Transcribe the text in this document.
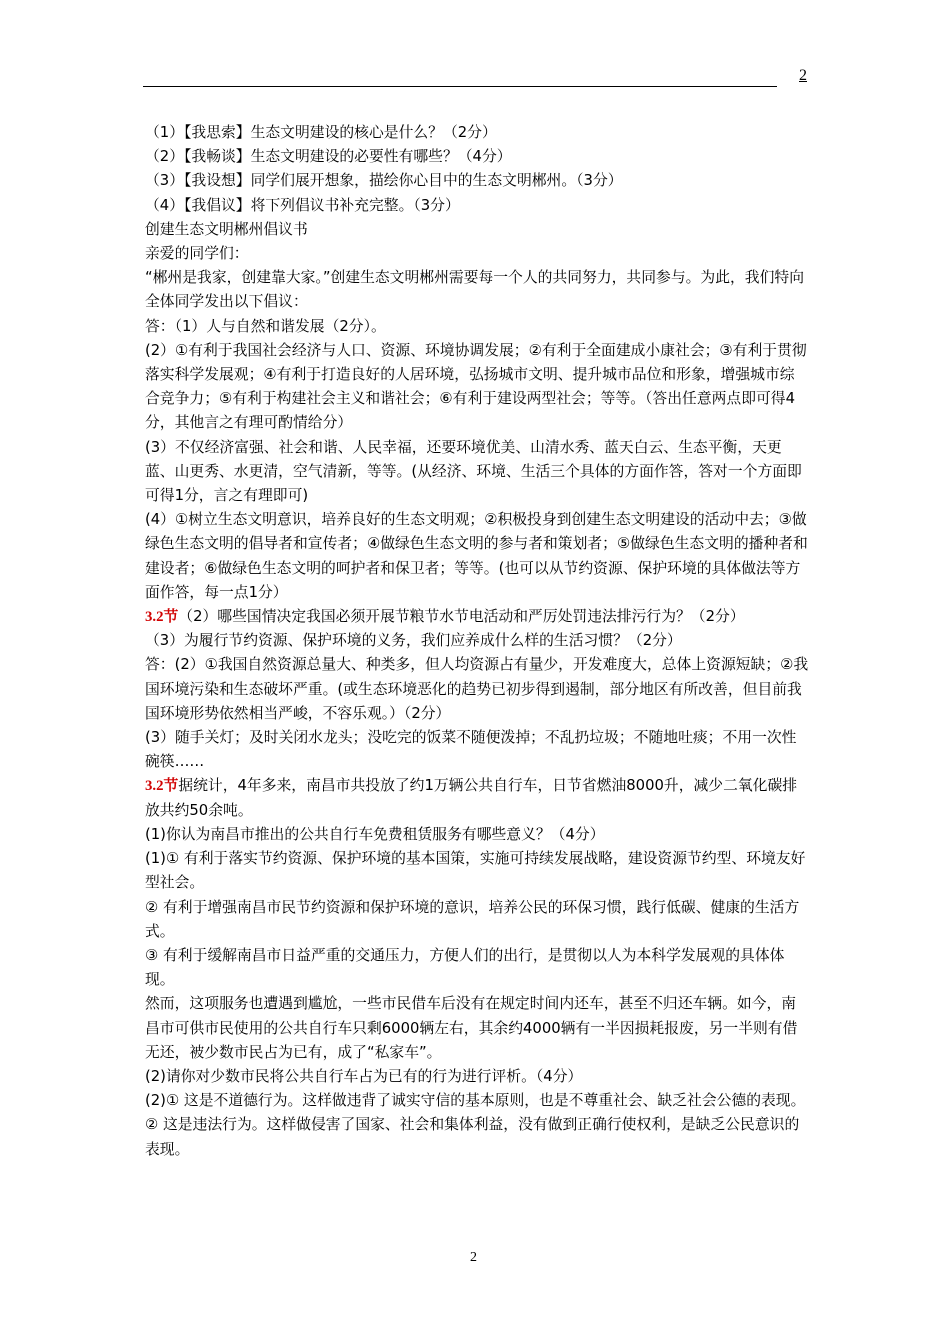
2

（1）【我思索】生态文明建设的核心是什么？（2分）

（2）【我畅谈】生态文明建设的必要性有哪些？（4分）

（3）【我设想】同学们展开想象，描绘你心目中的生态文明郴州。（3分）

（4）【我倡议】将下列倡议书补充完整。（3分）

创建生态文明郴州倡议书

亲爱的同学们：

“郴州是我家，创建靠大家。”创建生态文明郴州需要每一个人的共同努力，共同参与。为此，我们特向全体同学发出以下倡议：

答：（1）人与自然和谐发展（2分）。

(2）①有利于我国社会经济与人口、资源、环境协调发展；②有利于全面建成小康社会；③有利于贯彻落实科学发展观；④有利于打造良好的人居环境，弘扬城市文明、提升城市品位和形象，增强城市综合竞争力；⑤有利于构建社会主义和谐社会；⑥有利于建设两型社会；等等。（答出任意两点即可得4分，其他言之有理可酌情给分）

(3）不仅经济富强、社会和谐、人民幸福，还要环境优美、山清水秀、蓝天白云、生态平衡，天更蓝、山更秀、水更清，空气清新，等等。(从经济、环境、生活三个具体的方面作答，答对一个方面即可得1分，言之有理即可)

(4）①树立生态文明意识，培养良好的生态文明观；②积极投身到创建生态文明建设的活动中去；③做绿色生态文明的倡导者和宣传者；④做绿色生态文明的参与者和策划者；⑤做绿色生态文明的播种者和建设者；⑥做绿色生态文明的呵护者和保卫者；等等。(也可以从节约资源、保护环境的具体做法等方面作答，每一点1分）

3.2节（2）哪些国情决定我国必须开展节粮节水节电活动和严厉处罚违法排污行为？（2分）

（3）为履行节约资源、保护环境的义务，我们应养成什么样的生活习惯？（2分）

答：(2）①我国自然资源总量大、种类多，但人均资源占有量少，开发难度大，总体上资源短缺；②我国环境污染和生态破坏严重。(或生态环境恶化的趋势已初步得到遏制，部分地区有所改善，但目前我国环境形势依然相当严峻，不容乐观。）（2分）

(3）随手关灯；及时关闭水龙头；没吃完的饭菜不随便泼掉；不乱扔垃圾；不随地吐痰；不用一次性碗筷……

3.2节据统计，4年多来，南昌市共投放了约1万辆公共自行车，日节省燃油8000升，减少二氧化碳排放共约50余吨。

(1)你认为南昌市推出的公共自行车免费租赁服务有哪些意义？（4分）

(1)① 有利于落实节约资源、保护环境的基本国策，实施可持续发展战略，建设资源节约型、环境友好型社会。

② 有利于增强南昌市民节约资源和保护环境的意识，培养公民的环保习惯，践行低碳、健康的生活方式。

③ 有利于缓解南昌市日益严重的交通压力，方便人们的出行，是贯彻以人为本科学发展观的具体体现。

然而，这项服务也遭遇到尴尬，一些市民借车后没有在规定时间内还车，甚至不归还车辆。如今，南昌市可供市民使用的公共自行车只剩6000辆左右，其余约4000辆有一半因损耗报废，另一半则有借无还，被少数市民占为已有，成了“私家车”。

(2)请你对少数市民将公共自行车占为已有的行为进行评析。（4分）

(2)① 这是不道德行为。这样做违背了诚实守信的基本原则，也是不尊重社会、缺乏社会公德的表现。

② 这是违法行为。这样做侵害了国家、社会和集体利益，没有做到正确行使权利，是缺乏公民意识的表现。

2
